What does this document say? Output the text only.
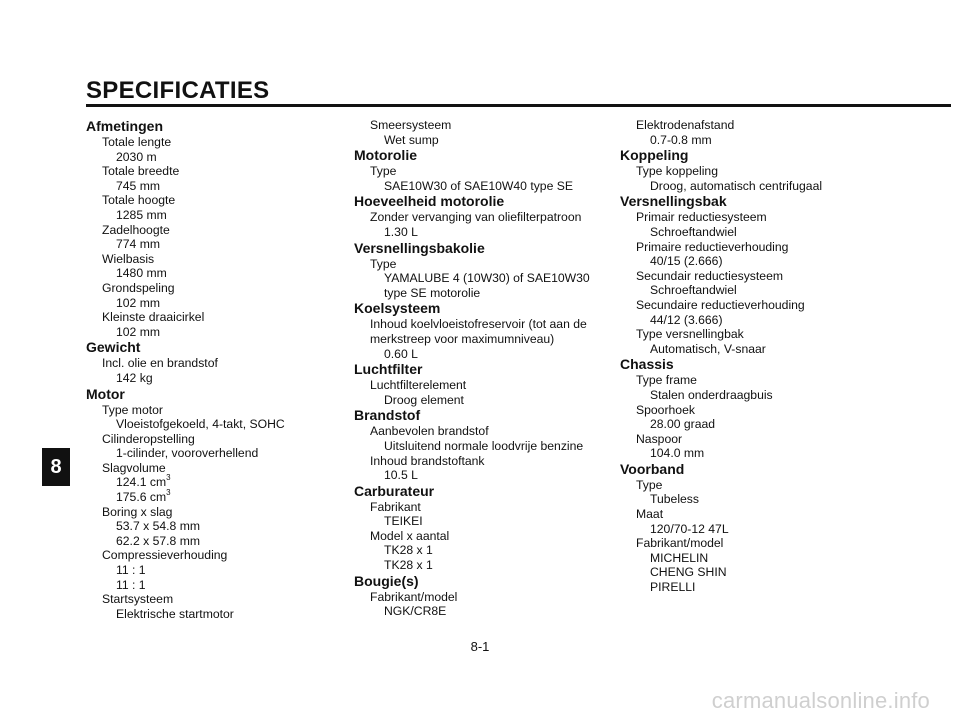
SPECIFICATIES
8
Afmetingen
Totale lengte
2030 m
Totale breedte
745 mm
Totale hoogte
1285 mm
Zadelhoogte
774 mm
Wielbasis
1480 mm
Grondspeling
102 mm
Kleinste draaicirkel
102 mm
Gewicht
Incl. olie en brandstof
142 kg
Motor
Type motor
Vloeistofgekoeld, 4-takt, SOHC
Cilinderopstelling
1-cilinder, vooroverhellend
Slagvolume
124.1 $cm^3$
175.6 $cm^3$
Boring x slag
53.7 x 54.8 mm
62.2 x 57.8 mm
Compressieverhouding
11 : 1
11 : 1
Startsysteem
Elektrische startmotor
Smeersysteem
Wet sump
Motorolie
Type
SAE10W30 of SAE10W40 type SE
Hoeveelheid motorolie
Zonder vervanging van oliefilterpatroon
1.30 L
Versnellingsbakolie
Type
YAMALUBE 4 (10W30) of SAE10W30
type SE motorolie
Koelsysteem
Inhoud koelvloeistofreservoir (tot aan de
merkstreep voor maximumniveau)
0.60 L
Luchtfilter
Luchtfilterelement
Droog element
Brandstof
Aanbevolen brandstof
Uitsluitend normale loodvrije benzine
Inhoud brandstoftank
10.5 L
Carburateur
Fabrikant
TEIKEI
Model x aantal
TK28 x 1
TK28 x 1
Bougie(s)
Fabrikant/model
NGK/CR8E
Elektrodenafstand
0.7-0.8 mm
Koppeling
Type koppeling
Droog, automatisch centrifugaal
Versnellingsbak
Primair reductiesysteem
Schroeftandwiel
Primaire reductieverhouding
40/15 (2.666)
Secundair reductiesysteem
Schroeftandwiel
Secundaire reductieverhouding
44/12 (3.666)
Type versnellingbak
Automatisch, V-snaar
Chassis
Type frame
Stalen onderdraagbuis
Spoorhoek
28.00 graad
Naspoor
104.0 mm
Voorband
Type
Tubeless
Maat
120/70-12 47L
Fabrikant/model
MICHELIN
CHENG SHIN
PIRELLI
8-1
carmanualsonline.info
